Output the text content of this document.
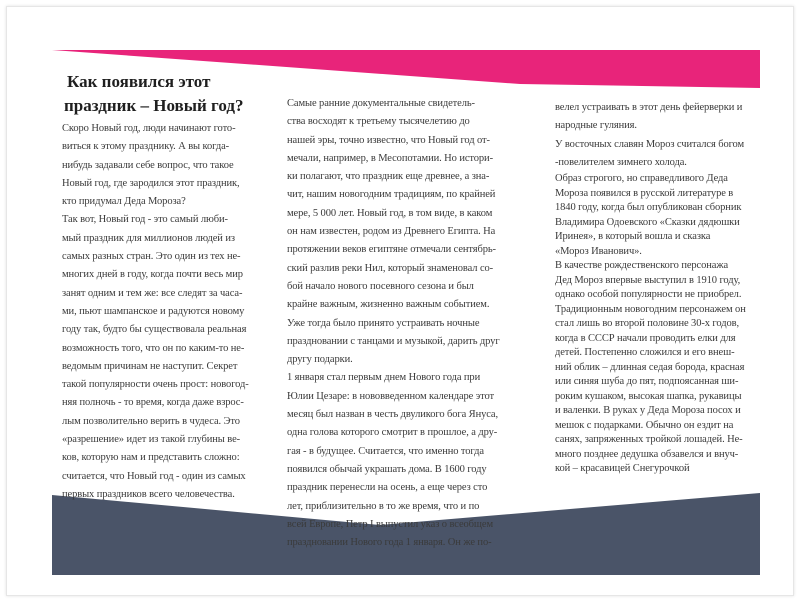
Как появился этот
праздник – Новый год?

Скоро Новый год, люди начинают гото-
виться к этому празднику. А вы когда-
нибудь задавали себе вопрос, что такое
Новый год, где зародился этот праздник,
кто придумал Деда Мороза?

Так вот, Новый год - это самый люби-
мый праздник для миллионов людей из
самых разных стран. Это один из тех не-
многих дней в году, когда почти весь мир
занят одним и тем же: все следят за часа-
ми, пьют шампанское и радуются новому
году так, будто бы существовала реальная
возможность того, что он по каким-то не-
ведомым причинам не наступит. Секрет
такой популярности очень прост: новогод-
няя полночь - то время, когда даже взрос-
лым позволительно верить в чудеса. Это
«разрешение» идет из такой глубины ве-
ков, которую нам и представить сложно:
считается, что Новый год - один из самых
первых праздников всего человечества.

Самые ранние документальные свидетель-
ства восходят к третьему тысячелетию до
нашей эры, точно известно, что Новый год от-
мечали, например, в Месопотамии. Но истори-
ки полагают, что праздник еще древнее, а зна-
чит, нашим новогодним традициям, по крайней
мере, 5 000 лет. Новый год, в том виде, в каком
он нам известен, родом из Древнего Египта. На
протяжении веков египтяне отмечали сентябрь-
ский разлив реки Нил, который знаменовал со-
бой начало нового посевного сезона и был
крайне важным, жизненно важным событием.
Уже тогда было принято устраивать ночные
праздновании с танцами и музыкой, дарить друг
другу подарки.

1 января стал первым днем Нового года при
Юлии Цезаре: в нововведенном календаре этот
месяц был назван в честь двуликого бога Януса,
одна голова которого смотрит в прошлое, а дру-
гая - в будущее. Считается, что именно тогда
появился обычай украшать дома. В 1600 году
праздник перенесли на осень, а еще через сто
лет, приблизительно в то же время, что и по
всей Европе, Петр I выпустил указ о всеобщем
праздновании Нового года 1 января. Он же по-

велел устраивать в этот день фейерверки и
народные гуляния.

У восточных славян Мороз считался богом
-повелителем зимнего холода.

Образ строгого, но справедливого Деда
Мороза появился в русской литературе в
1840 году, когда был опубликован сборник
Владимира Одоевского «Сказки дядюшки
Иринея», в который вошла и сказка
«Мороз Иванович».
В качестве рождественского персонажа
Дед Мороз впервые выступил в 1910 году,
однако особой популярности не приобрел.
Традиционным новогодним персонажем он
стал лишь во второй половине 30-х годов,
когда в СССР начали проводить елки для
детей. Постепенно сложился и его внеш-
ний облик – длинная седая борода, красная
или синяя шуба до пят, подпоясанная ши-
роким кушаком, высокая шапка, рукавицы
и валенки. В руках у Деда Мороза посох и
мешок с подарками. Обычно он ездит на
санях, запряженных тройкой лошадей. Не-
много позднее дедушка обзавелся и внуч-
кой – красавицей Снегурочкой
